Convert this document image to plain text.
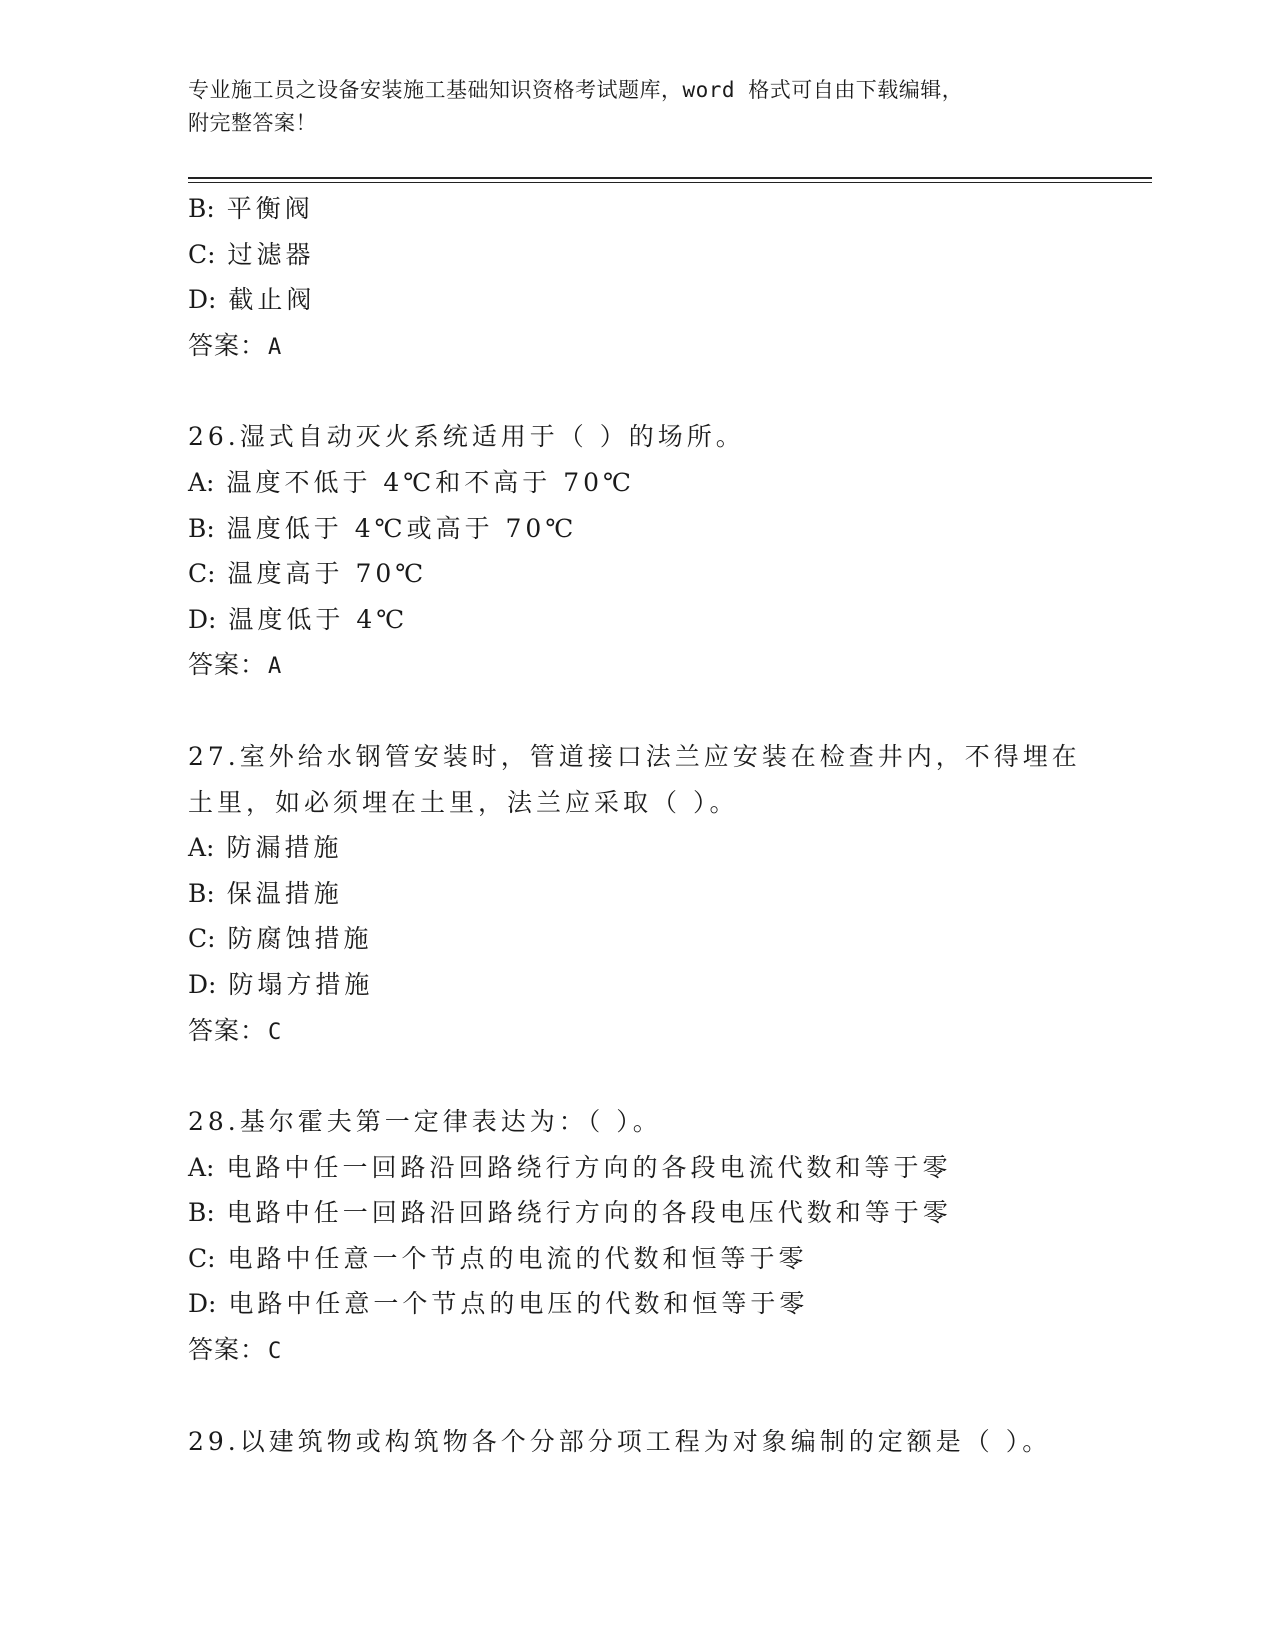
专业施工员之设备安装施工基础知识资格考试题库，word 格式可自由下载编辑，
附完整答案！
B: 平衡阀
C: 过滤器
D: 截止阀
答案：A
26.湿式自动灭火系统适用于（ ）的场所。
A: 温度不低于 4℃和不高于 70℃
B: 温度低于 4℃或高于 70℃
C: 温度高于 70℃
D: 温度低于 4℃
答案：A
27.室外给水钢管安装时，管道接口法兰应安装在检查井内，不得埋在
土里，如必须埋在土里，法兰应采取（ ）。
A: 防漏措施
B: 保温措施
C: 防腐蚀措施
D: 防塌方措施
答案：C
28.基尔霍夫第一定律表达为：（ ）。
A: 电路中任一回路沿回路绕行方向的各段电流代数和等于零
B: 电路中任一回路沿回路绕行方向的各段电压代数和等于零
C: 电路中任意一个节点的电流的代数和恒等于零
D: 电路中任意一个节点的电压的代数和恒等于零
答案：C
29.以建筑物或构筑物各个分部分项工程为对象编制的定额是（ ）。
